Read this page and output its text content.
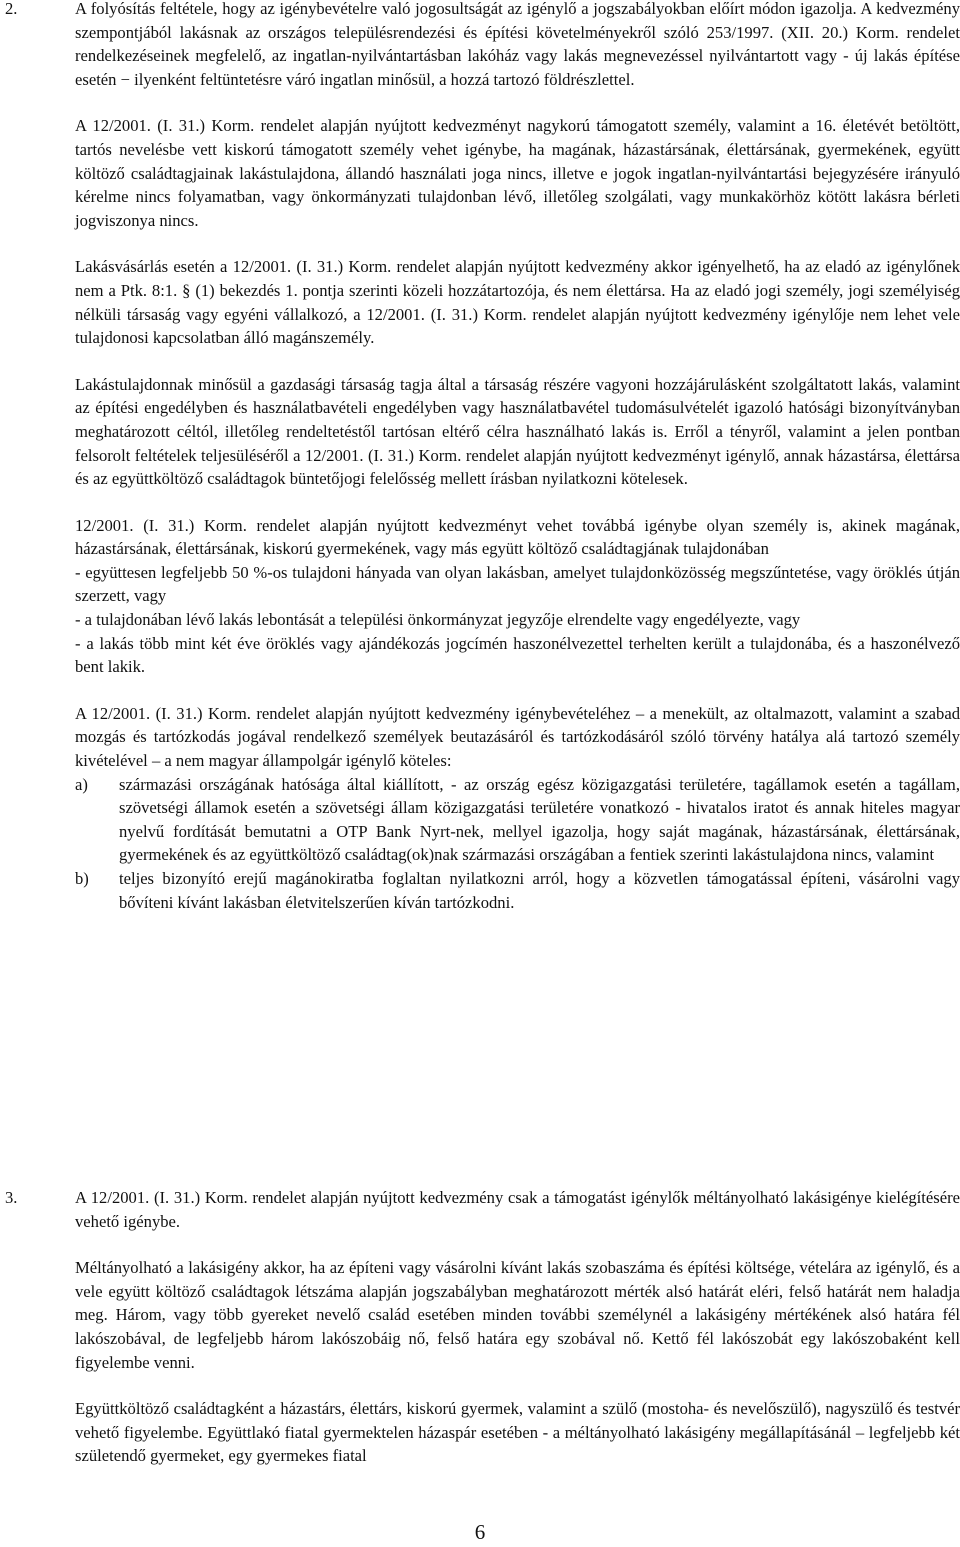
2.	A folyósítás feltétele, hogy az igénybevételre való jogosultságát az igénylő a jogszabályokban előírt módon igazolja. A kedvezmény szempontjából lakásnak az országos településrendezési és építési követelményekről szóló 253/1997. (XII. 20.) Korm. rendelet rendelkezéseinek megfelelő, az ingatlan-nyilvántartásban lakóház vagy lakás megnevezéssel nyilvántartott vagy - új lakás építése esetén − ilyenként feltüntetésre váró ingatlan minősül, a hozzá tartozó földrészlettel.

A 12/2001. (I. 31.) Korm. rendelet alapján nyújtott kedvezményt nagykorú támogatott személy, valamint a 16. életévét betöltött, tartós nevelésbe vett kiskorú támogatott személy vehet igénybe, ha magának, házastársának, élettársának, gyermekének, együtt költöző családtagjainak lakástulajdona, állandó használati joga nincs, illetve e jogok ingatlan-nyilvántartási bejegyzésére irányuló kérelme nincs folyamatban, vagy önkormányzati tulajdonban lévő, illetőleg szolgálati, vagy munkakörhöz kötött lakásra bérleti jogviszonya nincs.

Lakásvásárlás esetén a 12/2001. (I. 31.) Korm. rendelet alapján nyújtott kedvezmény akkor igényelhető, ha az eladó az igénylőnek nem a Ptk. 8:1. § (1) bekezdés 1. pontja szerinti közeli hozzátartozója, és nem élettársa. Ha az eladó jogi személy, jogi személyiség nélküli társaság vagy egyéni vállalkozó, a 12/2001. (I. 31.) Korm. rendelet alapján nyújtott kedvezmény igénylője nem lehet vele tulajdonosi kapcsolatban álló magánszemély.

Lakástulajdonnak minősül a gazdasági társaság tagja által a társaság részére vagyoni hozzájárulásként szolgáltatott lakás, valamint az építési engedélyben és használatbavételi engedélyben vagy használatbavétel tudomásulvételét igazoló hatósági bizonyítványban meghatározott céltól, illetőleg rendeltetéstől tartósan eltérő célra használható lakás is. Erről a tényről, valamint a jelen pontban felsorolt feltételek teljesüléséről a 12/2001. (I. 31.) Korm. rendelet alapján nyújtott kedvezményt igénylő, annak házastársa, élettársa és az együttköltöző családtagok büntetőjogi felelősség mellett írásban nyilatkozni kötelesek.

12/2001. (I. 31.) Korm. rendelet alapján nyújtott kedvezményt vehet továbbá igénybe olyan személy is, akinek magának, házastársának, élettársának, kiskorú gyermekének, vagy más együtt költöző családtagjának tulajdonában
- együttesen legfeljebb 50 %-os tulajdoni hányada van olyan lakásban, amelyet tulajdonközösség megszűntetése, vagy öröklés útján szerzett, vagy
- a tulajdonában lévő lakás lebontását a települési önkormányzat jegyzője elrendelte vagy engedélyezte, vagy
- a lakás több mint két éve öröklés vagy ajándékozás jogcímén haszonélvezettel terhelten került a tulajdonába, és a haszonélvező bent lakik.
A 12/2001. (I. 31.) Korm. rendelet alapján nyújtott kedvezmény igénybevételéhez – a menekült, az oltalmazott, valamint a szabad mozgás és tartózkodás jogával rendelkező személyek beutazásáról és tartózkodásáról szóló törvény hatálya alá tartozó személy kivételével – a nem magyar állampolgár igénylő köteles:
a) származási országának hatósága által kiállított, - az ország egész közigazgatási területére, tagállamok esetén a tagállam, szövetségi államok esetén a szövetségi állam közigazgatási területére vonatkozó - hivatalos iratot és annak hiteles magyar nyelvű fordítását bemutatni a OTP Bank Nyrt-nek, mellyel igazolja, hogy saját magának, házastársának, élettársának, gyermekének és az együttköltöző családtag(ok)nak származási országában a fentiek szerinti lakástulajdona nincs, valamint
b) teljes bizonyító erejű magánokiratba foglaltan nyilatkozni arról, hogy a közvetlen támogatással építeni, vásárolni vagy bővíteni kívánt lakásban életvitelszerűen kíván tartózkodni.
3.	A 12/2001. (I. 31.) Korm. rendelet alapján nyújtott kedvezmény csak a támogatást igénylők méltányolható lakásigénye kielégítésére vehető igénybe.

Méltányolható a lakásigény akkor, ha az építeni vagy vásárolni kívánt lakás szobaszáma és építési költsége, vételára az igénylő, és a vele együtt költöző családtagok létszáma alapján jogszabályban meghatározott mérték alsó határát eléri, felső határát nem haladja meg. Három, vagy több gyereket nevelő család esetében minden további személynél a lakásigény mértékének alsó határa fél lakószobával, de legfeljebb három lakószobáig nő, felső határa egy szobával nő. Kettő fél lakószobát egy lakószobaként kell figyelembe venni.

Együttköltöző családtagként a házastárs, élettárs, kiskorú gyermek, valamint a szülő (mostoha- és nevelőszülő), nagyszülő és testvér vehető figyelembe. Együttlakó fiatal gyermektelen házaspár esetében - a méltányolható lakásigény megállapításánál – legfeljebb két születendő gyermeket, egy gyermekes fiatal

6
